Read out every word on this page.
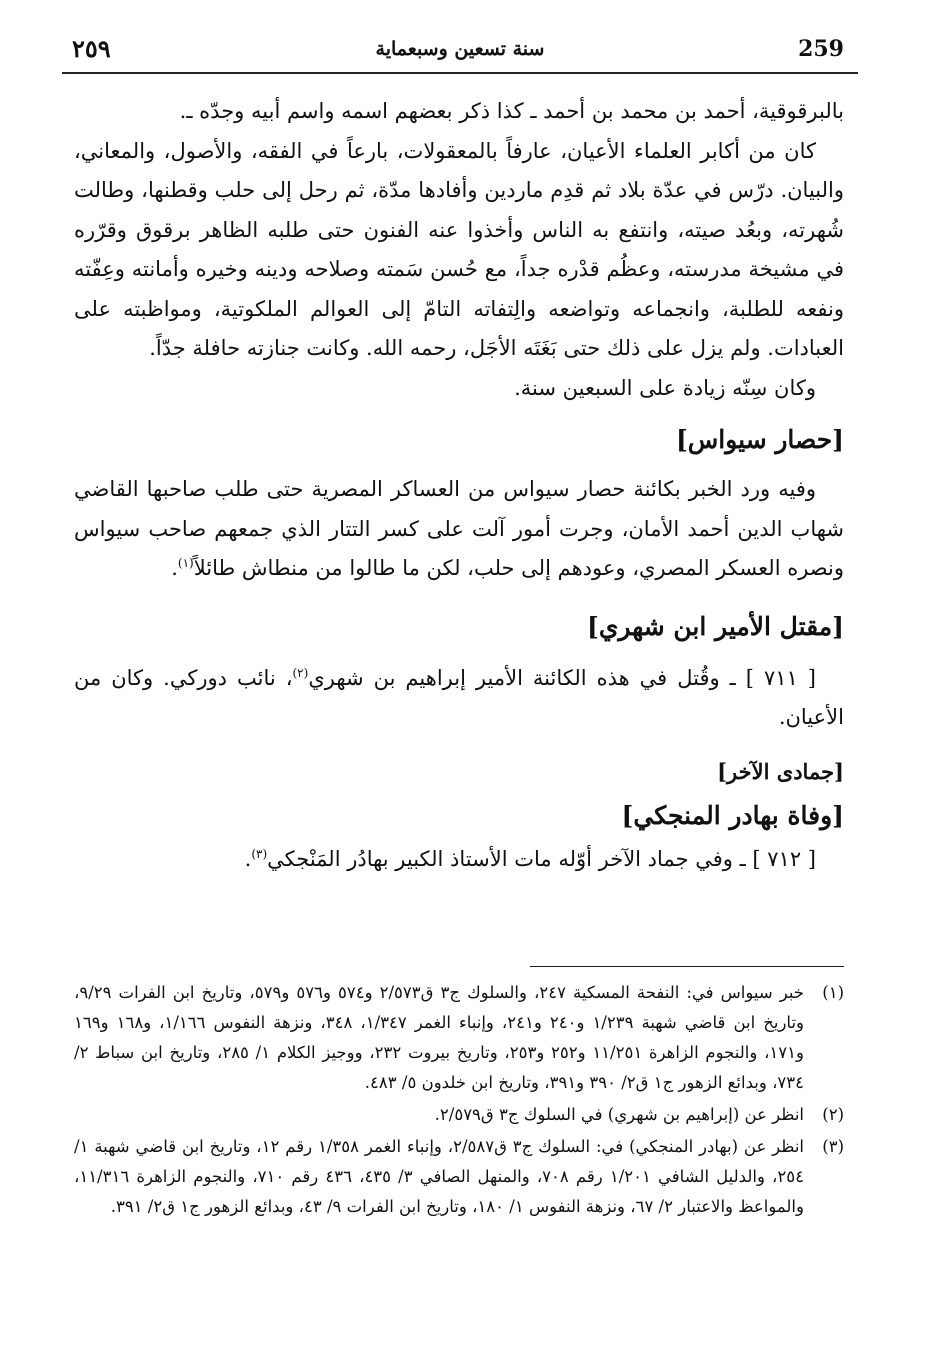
٢٥٩	سنة تسعين وسبعماية	259

بالبرقوقية، أحمد بن محمد بن أحمد ـ كذا ذكر بعضهم اسمه واسم أبيه وجدّه ـ.

كان من أكابر العلماء الأعيان، عارفاً بالمعقولات، بارعاً في الفقه، والأصول، والمعاني، والبيان. درّس في عدّة بلاد ثم قدِم ماردين وأفادها مدّة، ثم رحل إلى حلب وقطنها، وطالت شُهرته، وبعُد صيته، وانتفع به الناس وأخذوا عنه الفنون حتى طلبه الظاهر برقوق وقرّره في مشيخة مدرسته، وعظُم قدْره جداً، مع حُسن سَمته وصلاحه ودينه وخيره وأمانته وعِفّته ونفعه للطلبة، وانجماعه وتواضعه والِتفاته التامّ إلى العوالم الملكوتية، ومواظبته على العبادات. ولم يزل على ذلك حتى بَغَتَه الأجَل، رحمه الله. وكانت جنازته حافلة جدّاً.

وكان سِنّه زيادة على السبعين سنة.

[حصار سيواس]

وفيه ورد الخبر بكائنة حصار سيواس من العساكر المصرية حتى طلب صاحبها القاضي شهاب الدين أحمد الأمان، وجرت أمور آلت على كسر التتار الذي جمعهم صاحب سيواس ونصره العسكر المصري، وعودهم إلى حلب، لكن ما طالوا من منطاش طائلاً$^{(١)}$.

[مقتل الأمير ابن شهري]

[ ٧١١ ] ـ وقُتل في هذه الكائنة الأمير إبراهيم بن شهري$^{(٢)}$، نائب دوركي. وكان من الأعيان.

[جمادى الآخر]
[وفاة بهادر المنجكي]

[ ٧١٢ ] ـ وفي جماد الآخر أوّله مات الأستاذ الكبير بهادُر المَنْجكي$^{(٣)}$.

(١)
خبر سيواس في: النفحة المسكية ٢٤٧، والسلوك ج٣ ق٢/٥٧٣ و٥٧٤ و٥٧٦ و٥٧٩، وتاريخ ابن الفرات ٩/٢٩، وتاريخ ابن قاضي شهبة ١/٢٣٩ و٢٤٠ و٢٤١، وإنباء الغمر ١/٣٤٧، ٣٤٨، ونزهة النفوس ١/١٦٦، و١٦٨ و١٦٩ و١٧١، والنجوم الزاهرة ١١/٢٥١ و٢٥٢ و٢٥٣، وتاريخ بيروت ٢٣٢، ووجيز الكلام ١/ ٢٨٥، وتاريخ ابن سباط ٢/ ٧٣٤، وبدائع الزهور ج١ ق٢/ ٣٩٠ و٣٩١، وتاريخ ابن خلدون ٥/ ٤٨٣.
(٢)
انظر عن (إبراهيم بن شهري) في السلوك ج٣ ق٢/٥٧٩.
(٣)
انظر عن (بهادر المنجكي) في: السلوك ج٣ ق٢/٥٨٧، وإنباء الغمر ١/٣٥٨ رقم ١٢، وتاريخ ابن قاضي شهبة ١/ ٢٥٤، والدليل الشافي ١/٢٠١ رقم ٧٠٨، والمنهل الصافي ٣/ ٤٣٥، ٤٣٦ رقم ٧١٠، والنجوم الزاهرة ١١/٣١٦، والمواعظ والاعتبار ٢/ ٦٧، ونزهة النفوس ١/ ١٨٠، وتاريخ ابن الفرات ٩/ ٤٣، وبدائع الزهور ج١ ق٢/ ٣٩١.
